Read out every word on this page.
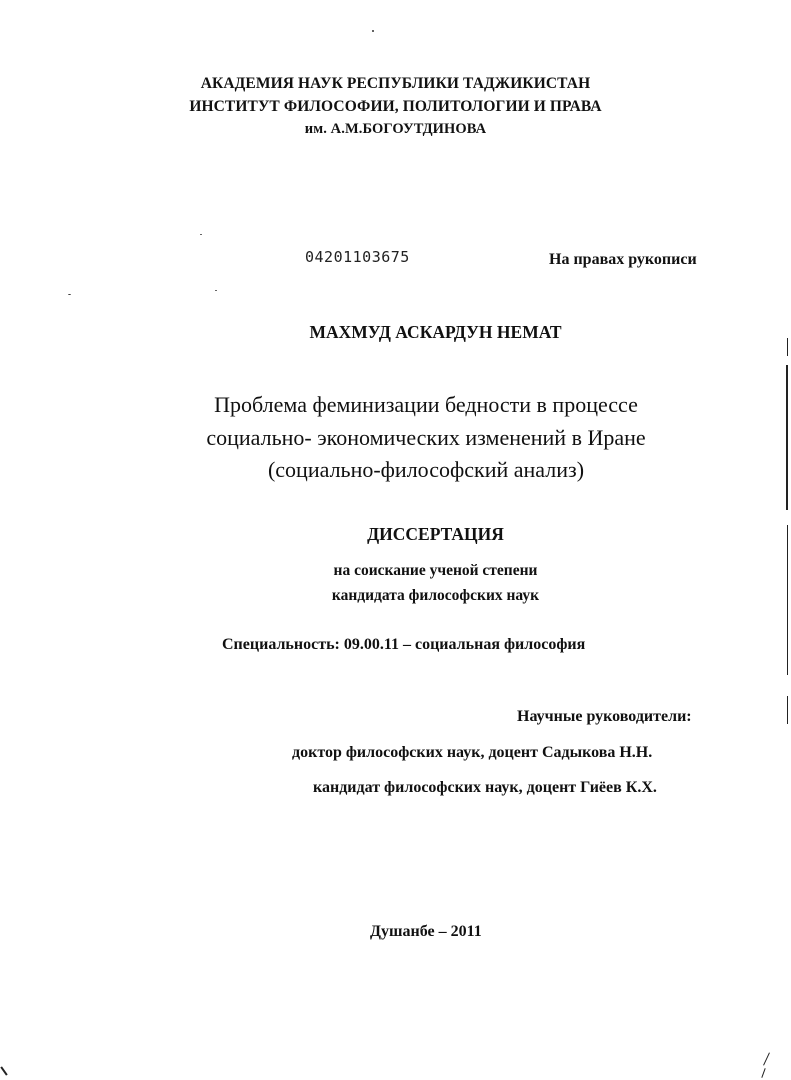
АКАДЕМИЯ НАУК РЕСПУБЛИКИ ТАДЖИКИСТАН
ИНСТИТУТ ФИЛОСОФИИ, ПОЛИТОЛОГИИ И ПРАВА
им. А.М.БОГОУТДИНОВА
04201103675	На правах рукописи
МАХМУД АСКАРДУН НЕМАТ
Проблема феминизации бедности в процессе
социально- экономических изменений в Иране
(социально-философский анализ)
ДИССЕРТАЦИЯ
на соискание ученой степени
кандидата философских наук
Специальность: 09.00.11 – социальная философия
Научные руководители:
доктор философских наук, доцент Садыкова Н.Н.
кандидат философских наук, доцент Гиёев К.Х.
Душанбе – 2011
